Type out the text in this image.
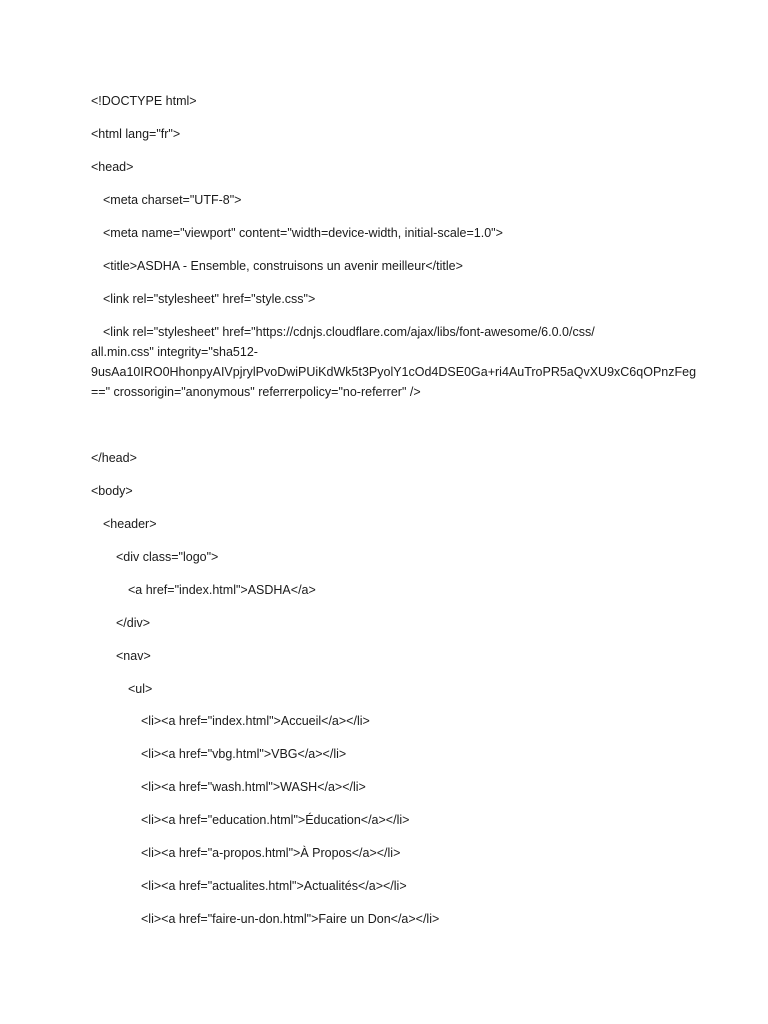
<!DOCTYPE html>
<html lang="fr">
<head>
<meta charset="UTF-8">
<meta name="viewport" content="width=device-width, initial-scale=1.0">
<title>ASDHA - Ensemble, construisons un avenir meilleur</title>
<link rel="stylesheet" href="style.css">
<link rel="stylesheet" href="https://cdnjs.cloudflare.com/ajax/libs/font-awesome/6.0.0/css/
all.min.css" integrity="sha512-
9usAa10IRO0HhonpyAIVpjrylPvoDwiPUiKdWk5t3PyolY1cOd4DSE0Ga+ri4AuTroPR5aQvXU9xC6qOPnzFeg
==" crossorigin="anonymous" referrerpolicy="no-referrer" />
</head>
<body>
<header>
<div class="logo">
<a href="index.html">ASDHA</a>
</div>
<nav>
<ul>
<li><a href="index.html">Accueil</a></li>
<li><a href="vbg.html">VBG</a></li>
<li><a href="wash.html">WASH</a></li>
<li><a href="education.html">Éducation</a></li>
<li><a href="a-propos.html">À Propos</a></li>
<li><a href="actualites.html">Actualités</a></li>
<li><a href="faire-un-don.html">Faire un Don</a></li>
